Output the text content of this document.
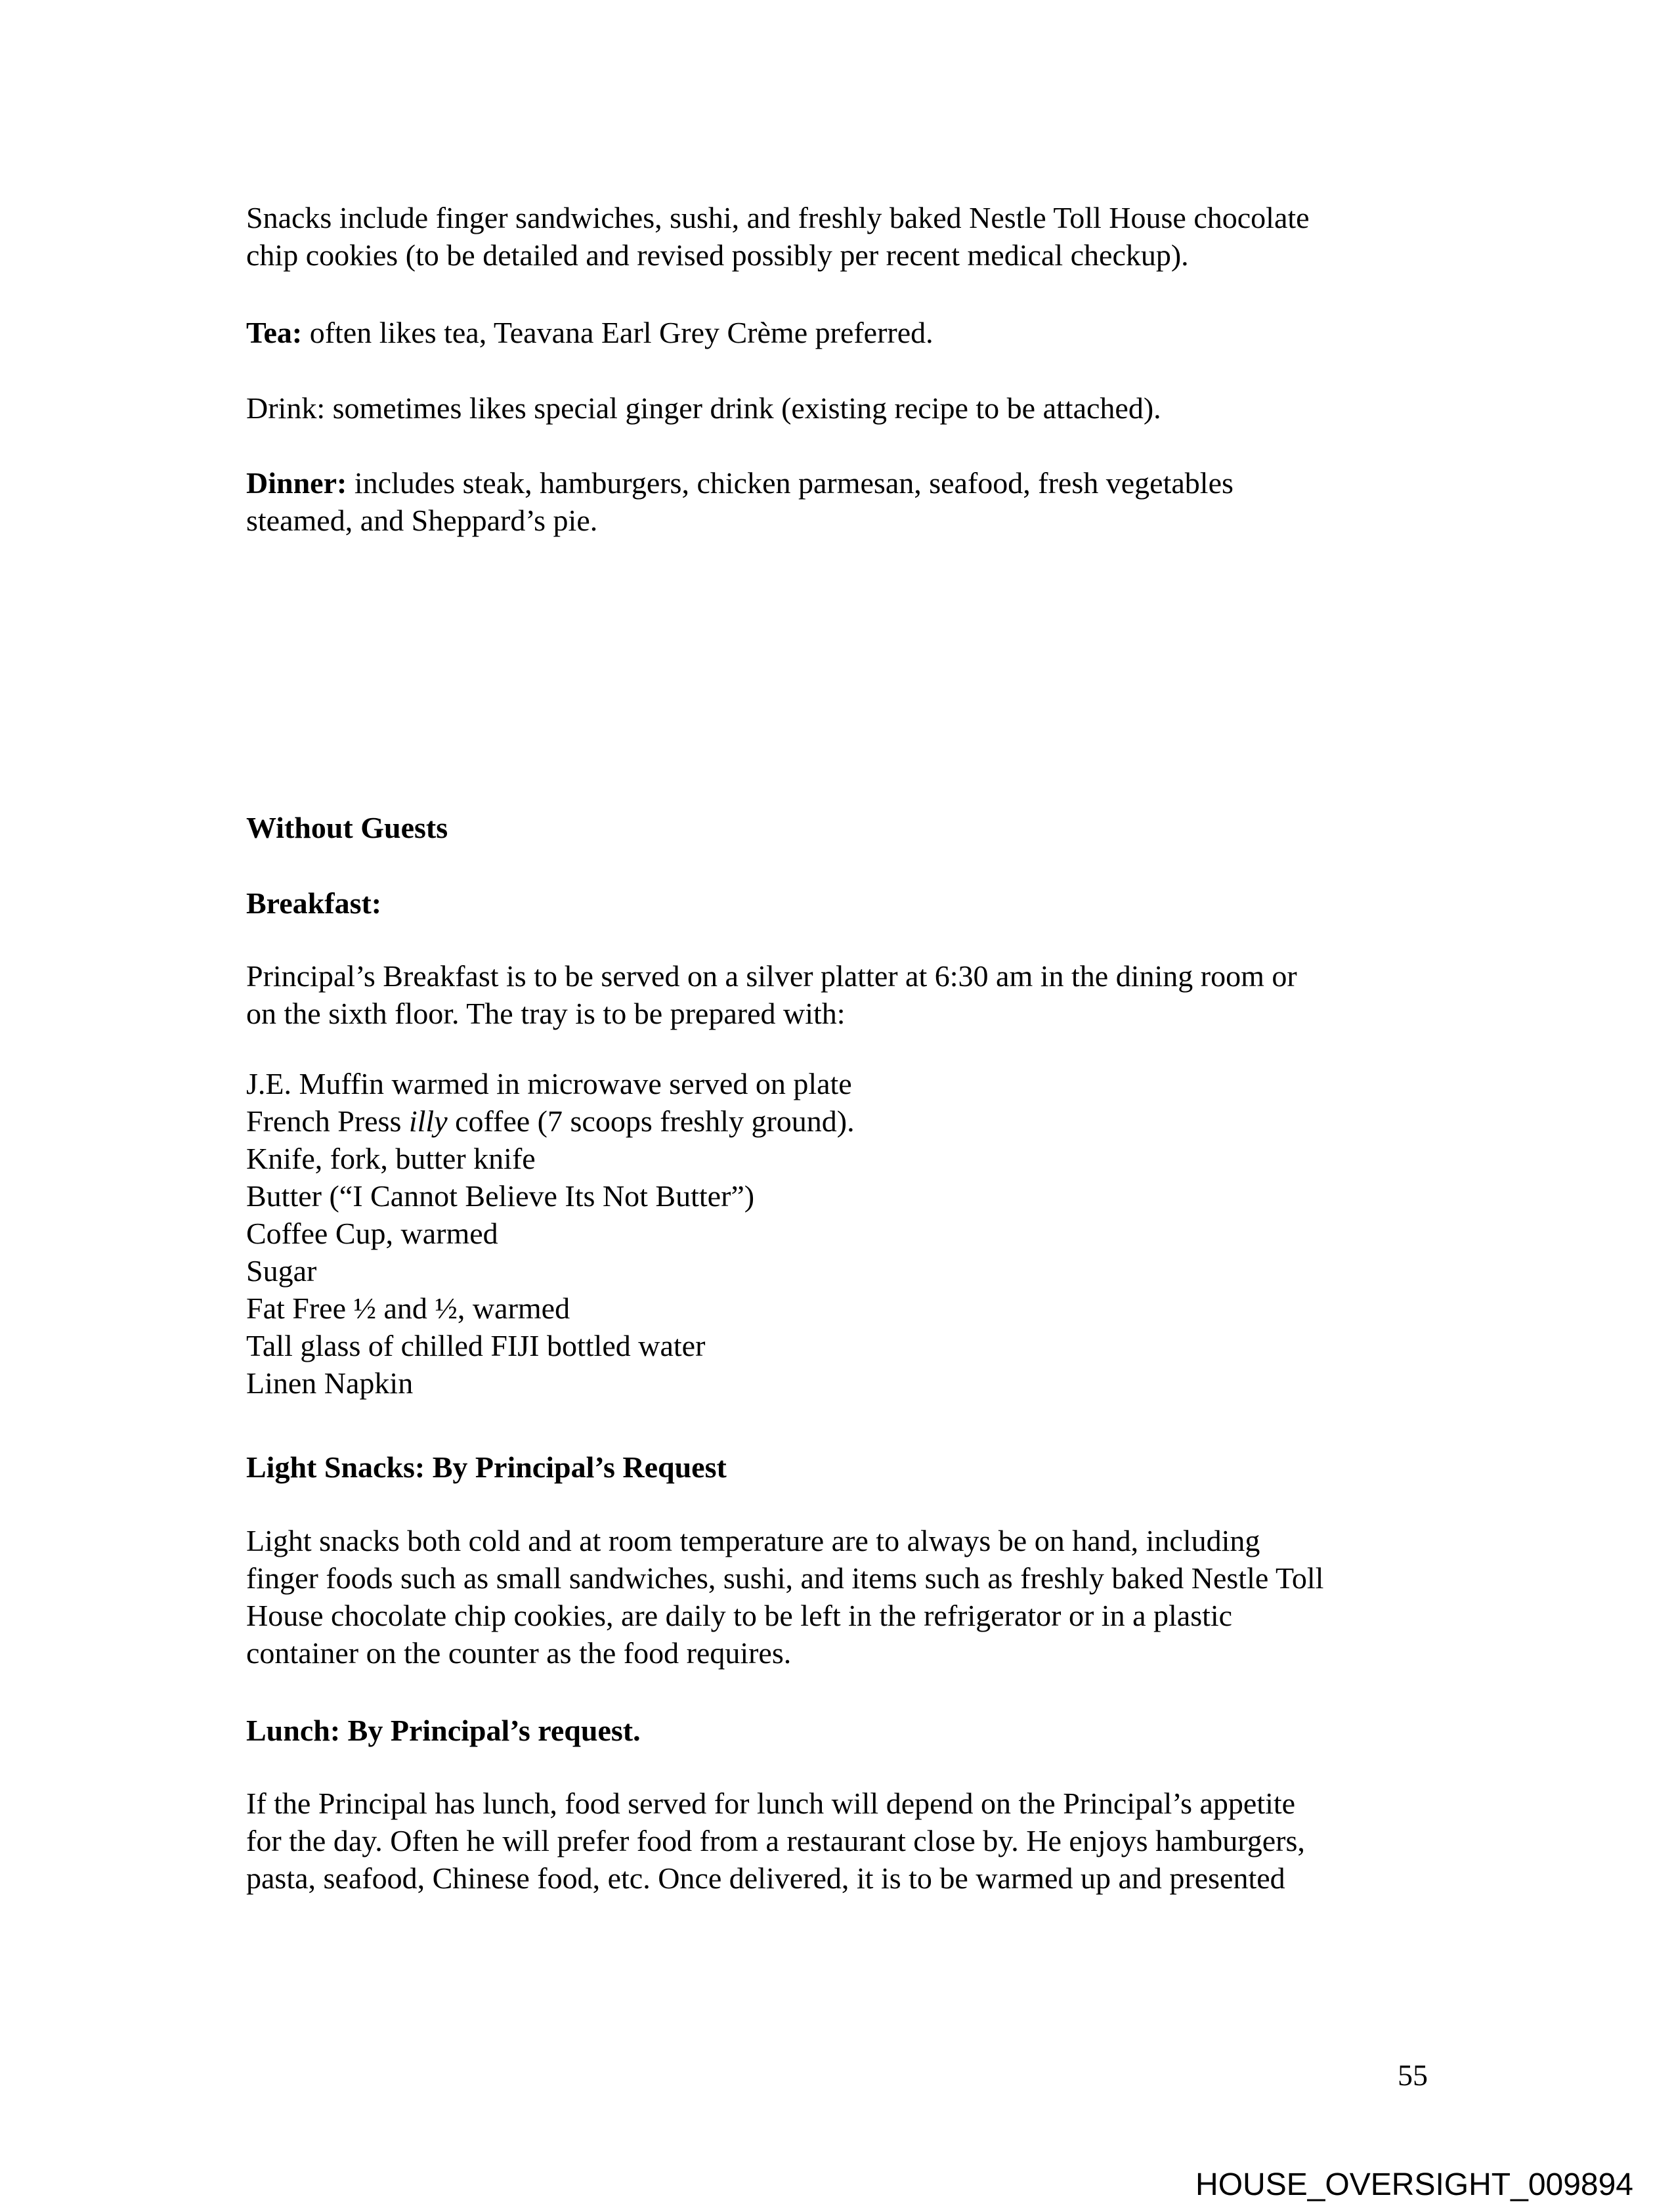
Snacks include finger sandwiches, sushi, and freshly baked Nestle Toll House chocolate
chip cookies (to be detailed and revised possibly per recent medical checkup).
Tea: often likes tea, Teavana Earl Grey Crème preferred.
Drink: sometimes likes special ginger drink (existing recipe to be attached).
Dinner: includes steak, hamburgers, chicken parmesan, seafood, fresh vegetables
steamed, and Sheppard’s pie.
Without Guests
Breakfast:
Principal’s Breakfast is to be served on a silver platter at 6:30 am in the dining room or
on the sixth floor. The tray is to be prepared with:
J.E. Muffin warmed in microwave served on plate
French Press illy coffee (7 scoops freshly ground).
Knife, fork, butter knife
Butter (“I Cannot Believe Its Not Butter”)
Coffee Cup, warmed
Sugar
Fat Free ½ and ½, warmed
Tall glass of chilled FIJI bottled water
Linen Napkin
Light Snacks: By Principal’s Request
Light snacks both cold and at room temperature are to always be on hand, including
finger foods such as small sandwiches, sushi, and items such as freshly baked Nestle Toll
House chocolate chip cookies, are daily to be left in the refrigerator or in a plastic
container on the counter as the food requires.
Lunch: By Principal’s request.
If the Principal has lunch, food served for lunch will depend on the Principal’s appetite
for the day. Often he will prefer food from a restaurant close by. He enjoys hamburgers,
pasta, seafood, Chinese food, etc. Once delivered, it is to be warmed up and presented
55
HOUSE_OVERSIGHT_009894
